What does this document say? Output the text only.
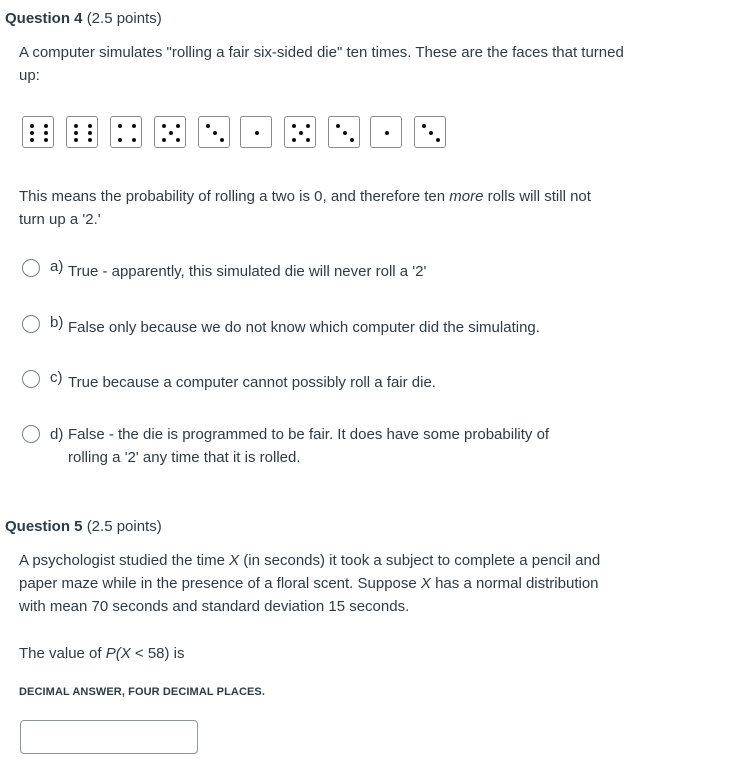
Question 4 (2.5 points)
A computer simulates "rolling a fair six-sided die" ten times. These are the faces that turned up:
This means the probability of rolling a two is 0, and therefore ten more rolls will still not turn up a '2.'
a) True - apparently, this simulated die will never roll a '2'
b) False only because we do not know which computer did the simulating.
c) True because a computer cannot possibly roll a fair die.
d) False - the die is programmed to be fair. It does have some probability of rolling a '2' any time that it is rolled.
Question 5 (2.5 points)
A psychologist studied the time X (in seconds) it took a subject to complete a pencil and paper maze while in the presence of a floral scent. Suppose X has a normal distribution with mean 70 seconds and standard deviation 15 seconds.
The value of P(X < 58) is
DECIMAL ANSWER, FOUR DECIMAL PLACES.
